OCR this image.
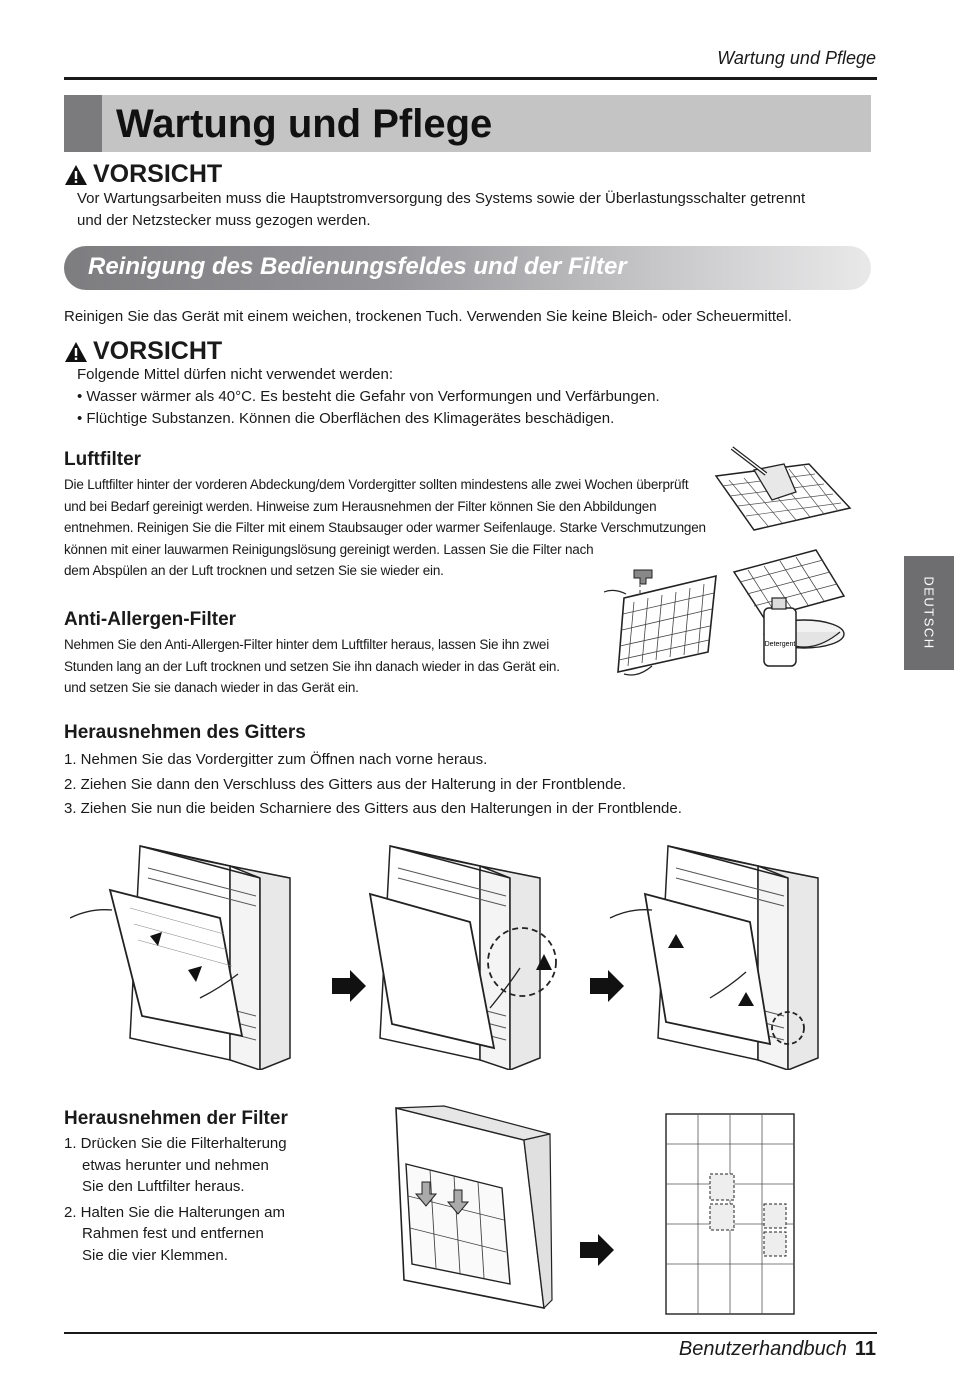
Wartung und Pflege
Wartung und Pflege
VORSICHT
Vor Wartungsarbeiten muss die Hauptstromversorgung des Systems sowie der Überlastungsschalter getrennt
und der Netzstecker muss gezogen werden.
Reinigung des Bedienungsfeldes und der Filter
Reinigen Sie das Gerät mit einem weichen, trockenen Tuch. Verwenden Sie keine Bleich- oder Scheuermittel.
VORSICHT
Folgende Mittel dürfen nicht verwendet werden:
• Wasser wärmer als 40°C. Es besteht die Gefahr von Verformungen und Verfärbungen.
• Flüchtige Substanzen. Können die Oberflächen des Klimagerätes beschädigen.
Luftfilter
Die Luftfilter hinter der vorderen Abdeckung/dem Vordergitter sollten mindestens alle zwei Wochen überprüft
und bei Bedarf gereinigt werden. Hinweise zum Herausnehmen der Filter können Sie den Abbildungen
entnehmen. Reinigen Sie die Filter mit einem Staubsauger oder warmer Seifenlauge. Starke Verschmutzungen
können mit einer lauwarmen Reinigungslösung gereinigt werden. Lassen Sie die Filter nach
dem Abspülen an der Luft trocknen und setzen Sie sie wieder ein.
Anti-Allergen-Filter
Nehmen Sie den Anti-Allergen-Filter hinter dem Luftfilter heraus, lassen Sie ihn zwei
Stunden lang an der Luft trocknen und setzen Sie ihn danach wieder in das Gerät ein.
und setzen Sie sie danach wieder in das Gerät ein.
Detergent	DEUTSCH
Herausnehmen des Gitters
1. Nehmen Sie das Vordergitter zum Öffnen nach vorne heraus.
2. Ziehen Sie dann den Verschluss des Gitters aus der Halterung in der Frontblende.
3. Ziehen Sie nun die beiden Scharniere des Gitters aus den Halterungen in der Frontblende.
Herausnehmen der Filter
1. Drücken Sie die Filterhalterung
etwas herunter und nehmen
Sie den Luftfilter heraus.
2. Halten Sie die Halterungen am
Rahmen fest und entfernen
Sie die vier Klemmen.
Benutzerhandbuch 11
